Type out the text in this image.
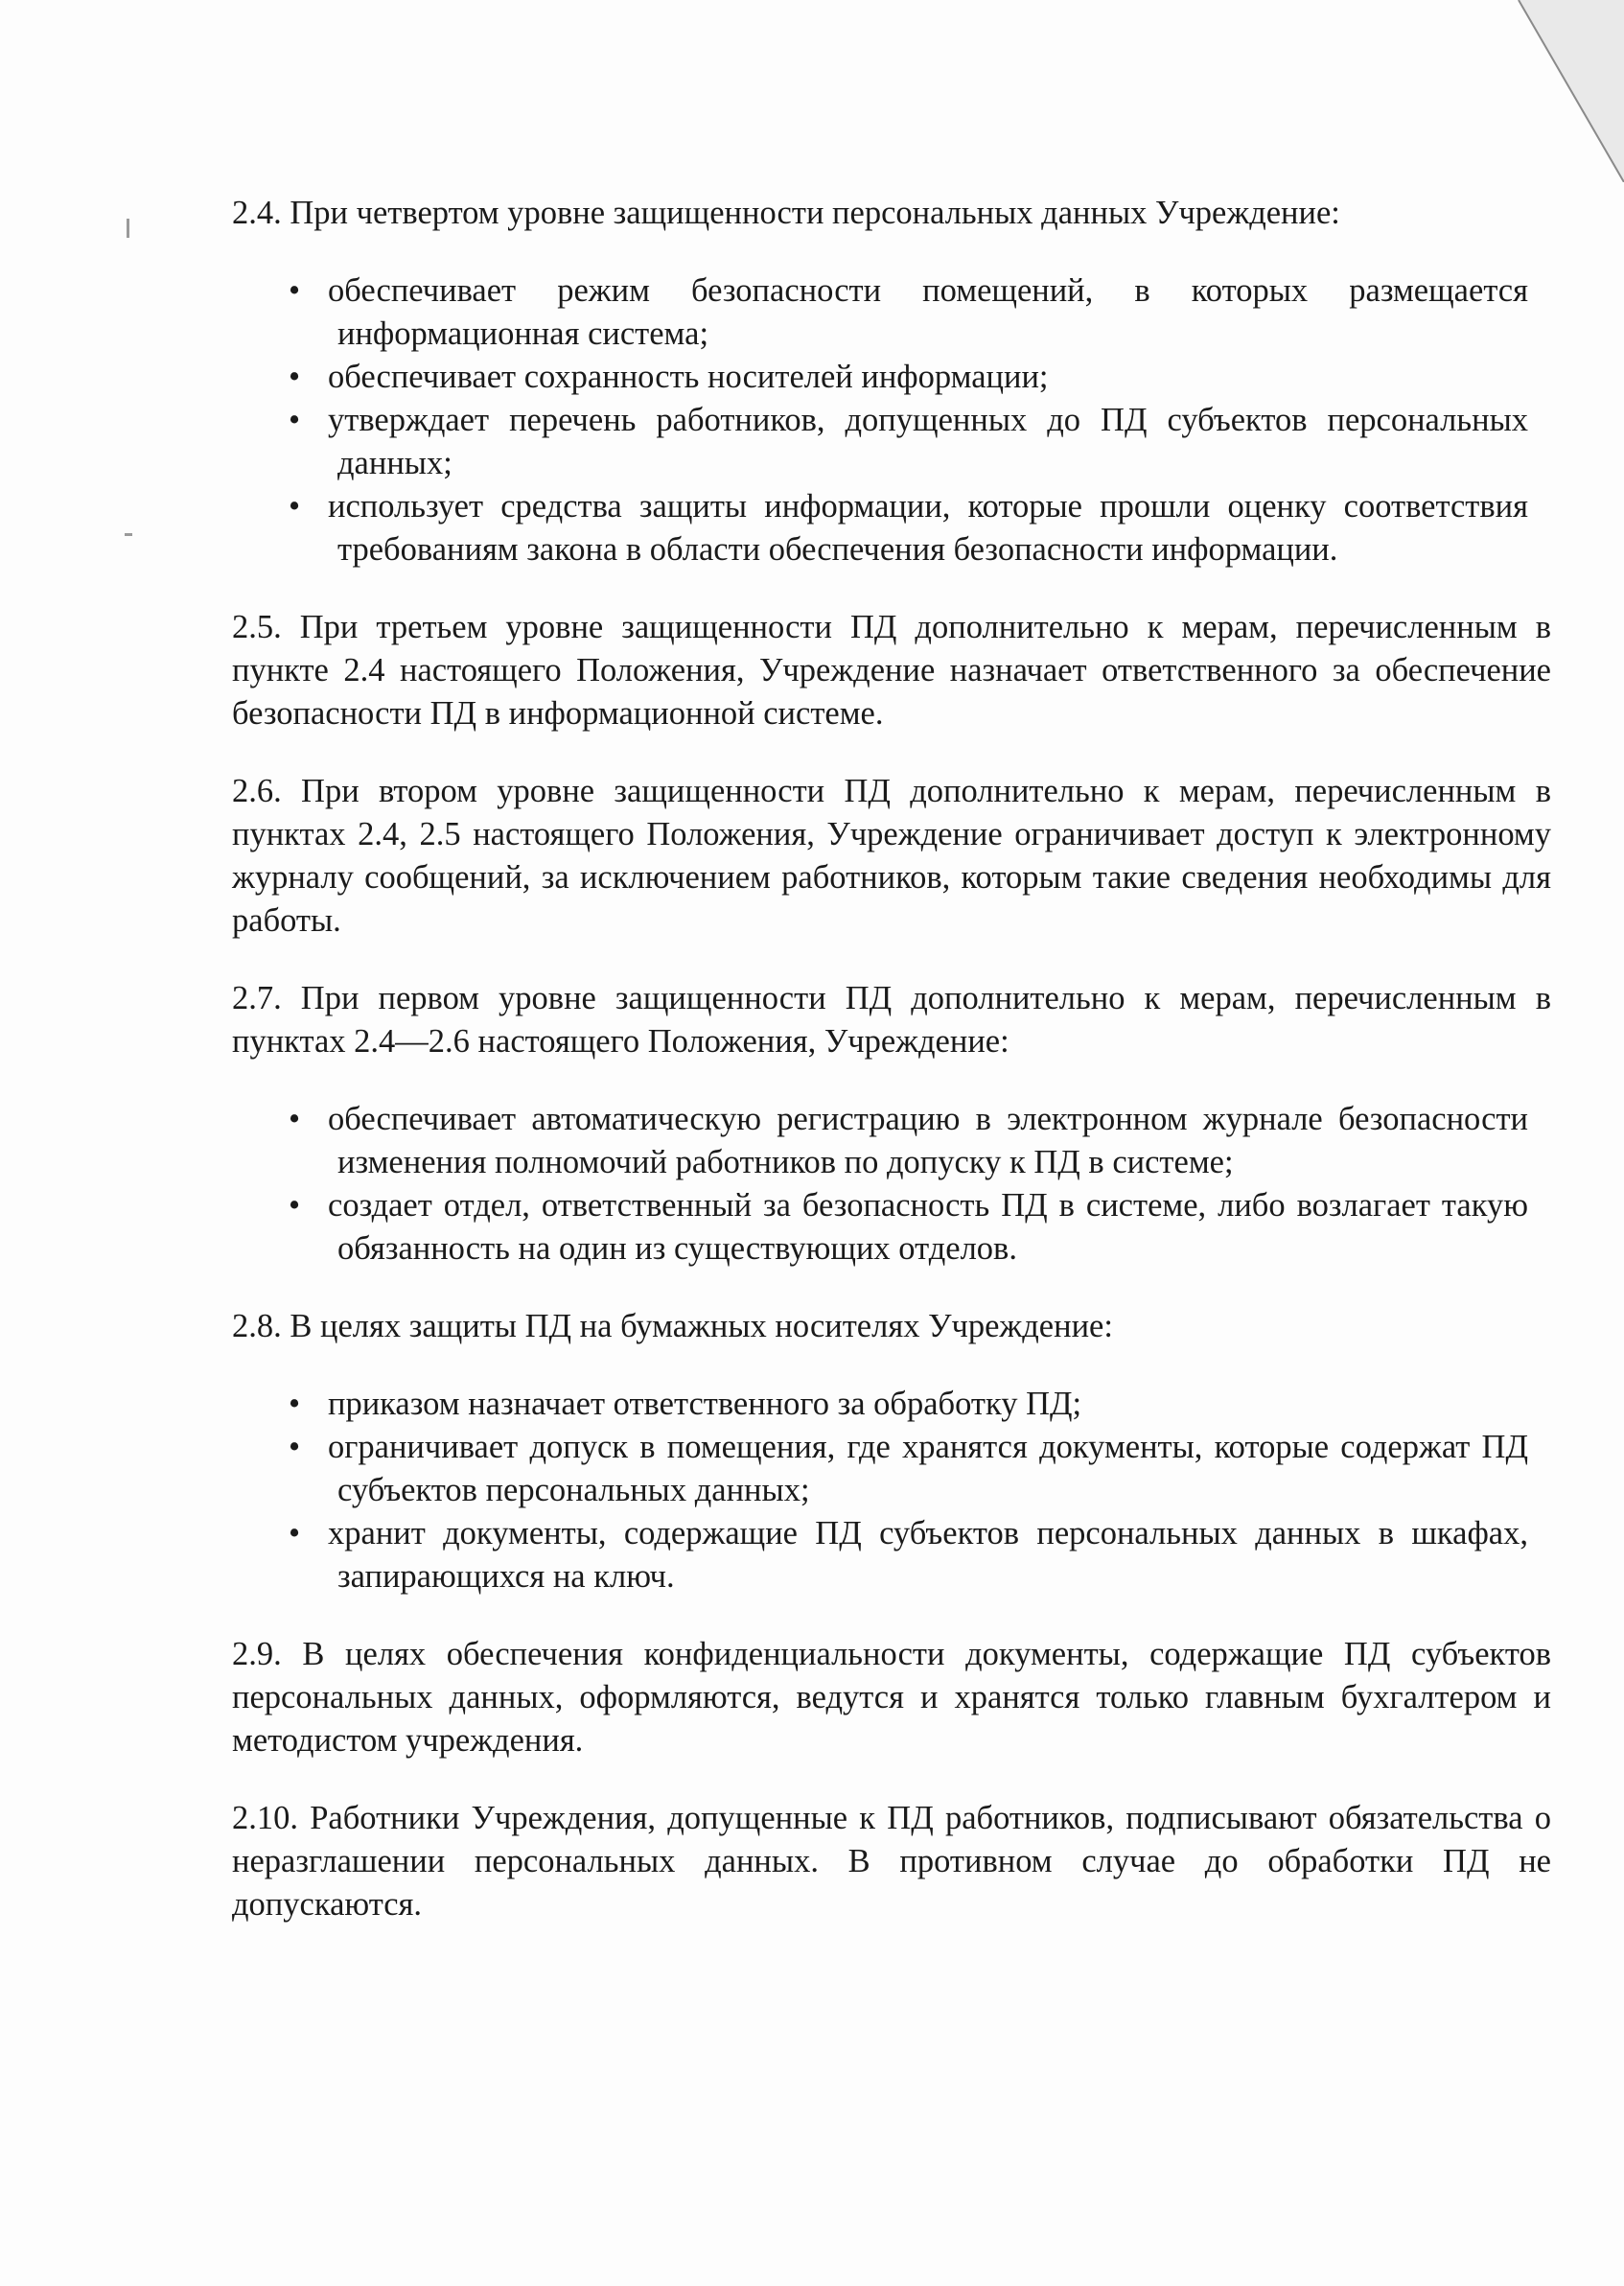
2.4. При четвертом уровне защищенности персональных данных Учреждение:

• обеспечивает режим безопасности помещений, в которых размещается информационная система;
• обеспечивает сохранность носителей информации;
• утверждает перечень работников, допущенных до ПД субъектов персональных данных;
• использует средства защиты информации, которые прошли оценку соответствия требованиям закона в области обеспечения безопасности информации.

2.5. При третьем уровне защищенности ПД дополнительно к мерам, перечисленным в пункте 2.4 настоящего Положения, Учреждение назначает ответственного за обеспечение безопасности ПД в информационной системе.

2.6. При втором уровне защищенности ПД дополнительно к мерам, перечисленным в пунктах 2.4, 2.5 настоящего Положения, Учреждение ограничивает доступ к электронному журналу сообщений, за исключением работников, которым такие сведения необходимы для работы.

2.7. При первом уровне защищенности ПД дополнительно к мерам, перечисленным в пунктах 2.4—2.6 настоящего Положения, Учреждение:

• обеспечивает автоматическую регистрацию в электронном журнале безопасности изменения полномочий работников по допуску к ПД в системе;
• создает отдел, ответственный за безопасность ПД в системе, либо возлагает такую обязанность на один из существующих отделов.

2.8. В целях защиты ПД на бумажных носителях Учреждение:

• приказом назначает ответственного за обработку ПД;
• ограничивает допуск в помещения, где хранятся документы, которые содержат ПД субъектов персональных данных;
• хранит документы, содержащие ПД субъектов персональных данных в шкафах, запирающихся на ключ.

2.9. В целях обеспечения конфиденциальности документы, содержащие ПД субъектов персональных данных, оформляются, ведутся и хранятся только главным бухгалтером и методистом учреждения.

2.10. Работники Учреждения, допущенные к ПД работников, подписывают обязательства о неразглашении персональных данных. В противном случае до обработки ПД не допускаются.
